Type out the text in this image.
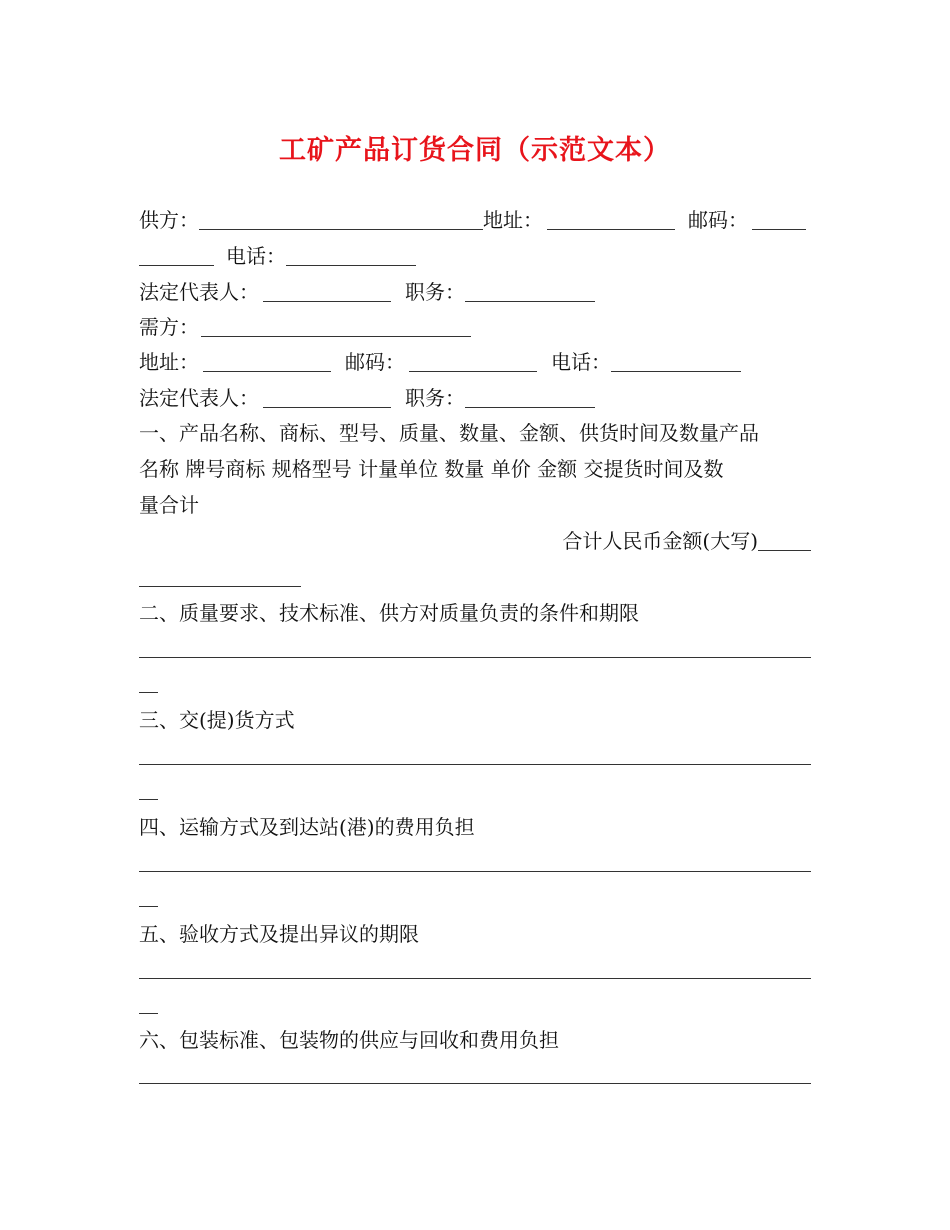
工矿产品订货合同（示范文本）
供方：	地址：	邮码：
电话：
法定代表人：	职务：
需方：
地址：	邮码：	电话：
法定代表人：	职务：
一、产品名称、商标、型号、质量、数量、金额、供货时间及数量产品
名称 牌号商标 规格型号 计量单位 数量 单价 金额 交提货时间及数
量合计
合计人民币金额(大写)
二、质量要求、技术标准、供方对质量负责的条件和期限
三、交(提)货方式
四、运输方式及到达站(港)的费用负担
五、验收方式及提出异议的期限
六、包装标准、包装物的供应与回收和费用负担
